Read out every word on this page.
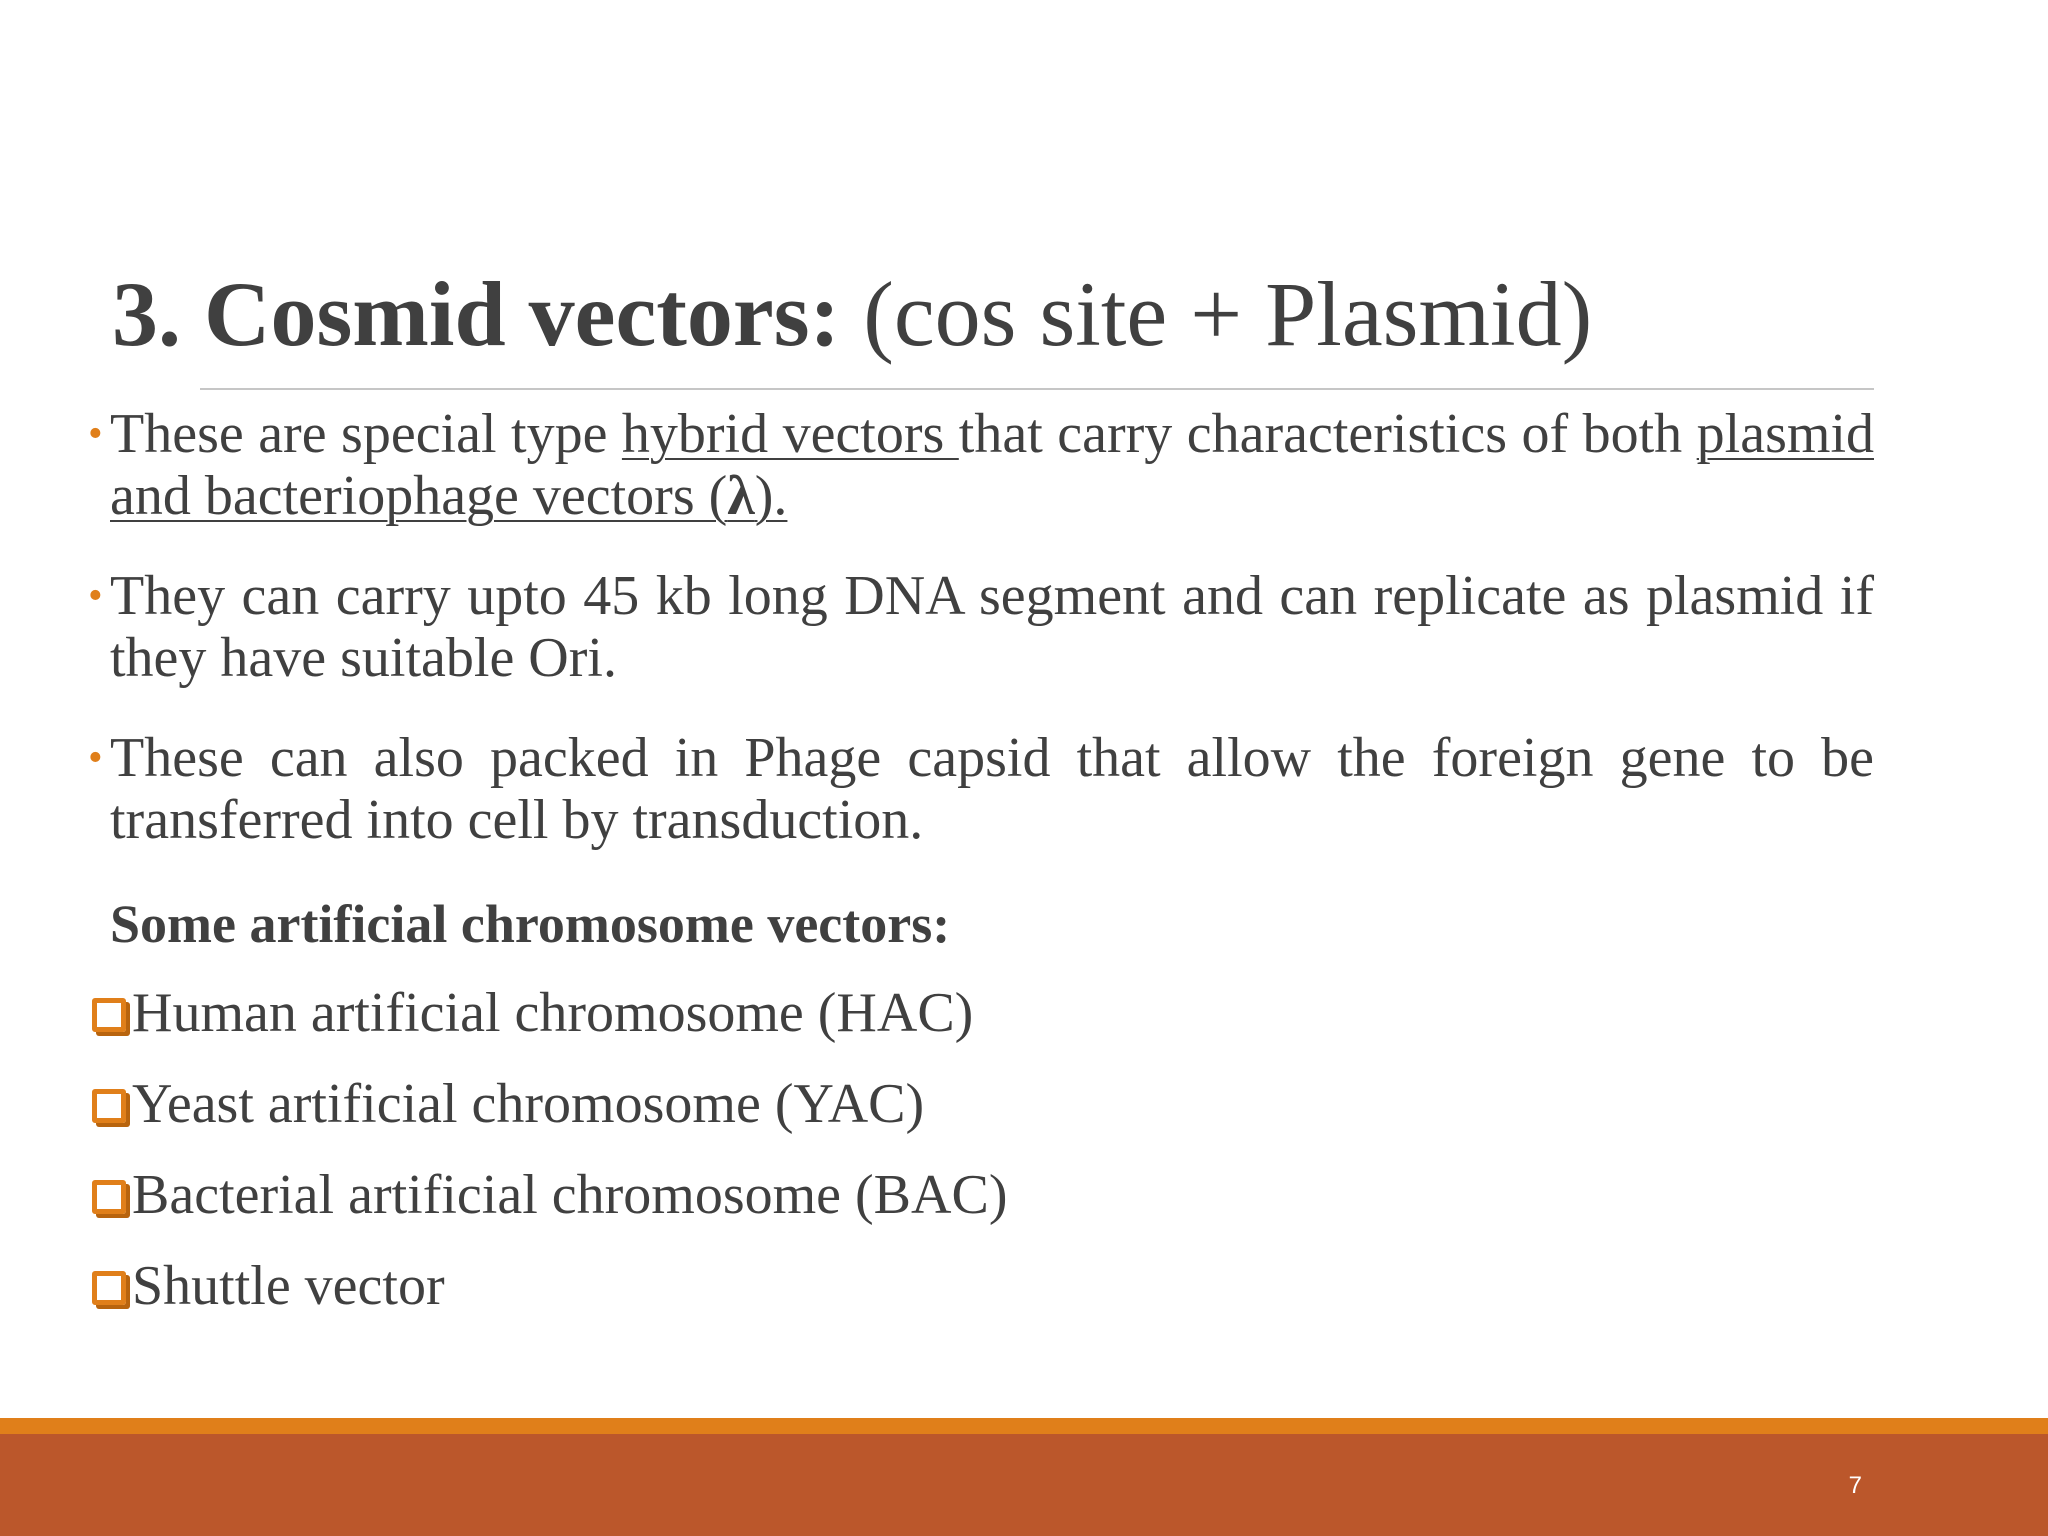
3. Cosmid vectors: (cos site + Plasmid)
• These are special type hybrid vectors that carry characteristics of both plasmid and bacteriophage vectors (λ).
• They can carry upto 45 kb long DNA segment and can replicate as plasmid if they have suitable Ori.
• These can also packed in Phage capsid that allow the foreign gene to be transferred into cell by transduction.
Some artificial chromosome vectors:
Human artificial chromosome (HAC)
Yeast artificial chromosome (YAC)
Bacterial artificial chromosome (BAC)
Shuttle vector
7
